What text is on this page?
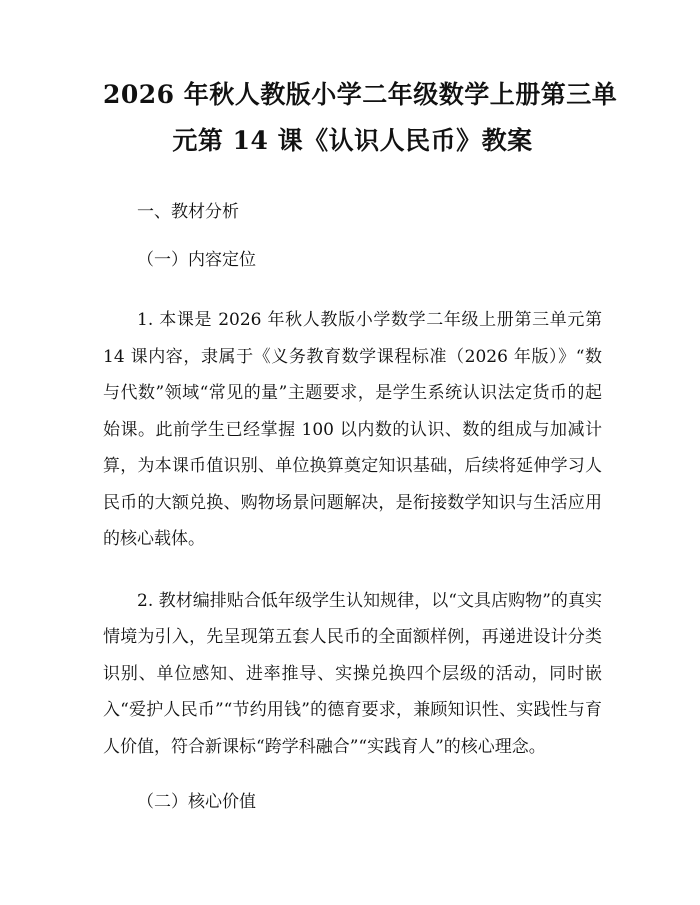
2026 年秋人教版小学二年级数学上册第三单
元第 14 课《认识人民币》教案

一、教材分析

（一）内容定位

1. 本课是 2026 年秋人教版小学数学二年级上册第三单元第 14 课内容，隶属于《义务教育数学课程标准（2026 年版）》“数与代数”领域“常见的量”主题要求，是学生系统认识法定货币的起始课。此前学生已经掌握 100 以内数的认识、数的组成与加减计算，为本课币值识别、单位换算奠定知识基础，后续将延伸学习人民币的大额兑换、购物场景问题解决，是衔接数学知识与生活应用的核心载体。

2. 教材编排贴合低年级学生认知规律，以“文具店购物”的真实情境为引入，先呈现第五套人民币的全面额样例，再递进设计分类识别、单位感知、进率推导、实操兑换四个层级的活动，同时嵌入“爱护人民币”“节约用钱”的德育要求，兼顾知识性、实践性与育人价值，符合新课标“跨学科融合”“实践育人”的核心理念。

（二）核心价值
